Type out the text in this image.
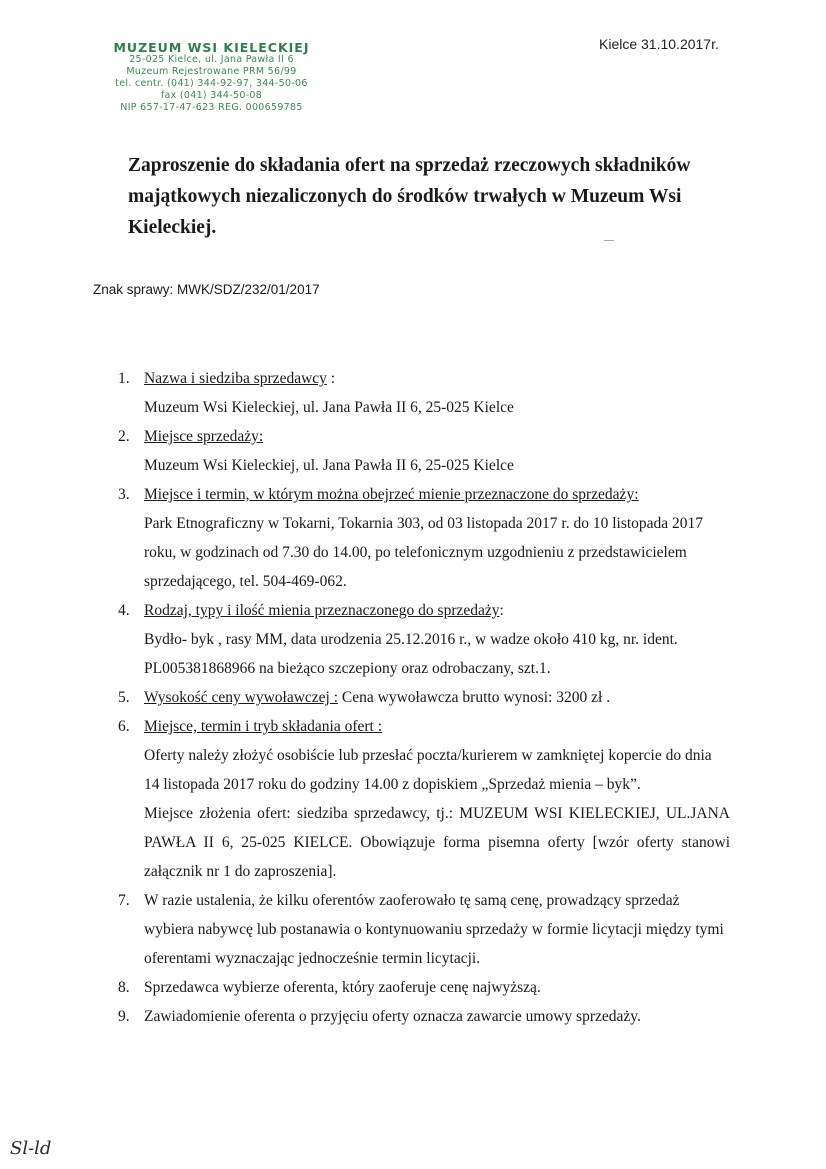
MUZEUM WSI KIELECKIEJ
25-025 Kielce, ul. Jana Pawła II 6
Muzeum Rejestrowane PRM 56/99
tel. centr. (041) 344-92-97, 344-50-06
fax (041) 344-50-08
NIP 657-17-47-623 REG. 000659785
Kielce 31.10.2017r.
Zaproszenie do składania ofert na sprzedaż rzeczowych składników majątkowych niezaliczonych do środków trwałych w Muzeum Wsi Kieleckiej.
Znak sprawy: MWK/SDZ/232/01/2017
1. Nazwa i siedziba sprzedawcy :
Muzeum Wsi Kieleckiej, ul. Jana Pawła II 6, 25-025 Kielce
2. Miejsce sprzedaży:
Muzeum Wsi Kieleckiej, ul. Jana Pawła II 6, 25-025 Kielce
3. Miejsce i termin, w którym można obejrzeć mienie przeznaczone do sprzedaży:
Park Etnograficzny w Tokarni, Tokarnia 303, od 03 listopada 2017 r. do 10 listopada 2017 roku, w godzinach od 7.30 do 14.00, po telefonicznym uzgodnieniu z przedstawicielem sprzedającego, tel. 504-469-062.
4. Rodzaj, typy i ilość mienia przeznaczonego do sprzedaży:
Bydło- byk , rasy MM, data urodzenia 25.12.2016 r., w wadze około 410 kg, nr. ident. PL005381868966 na bieżąco szczepiony oraz odrobaczany, szt.1.
5. Wysokość ceny wywoławczej : Cena wywoławcza brutto wynosi: 3200 zł .
6. Miejsce, termin i tryb składania ofert :
Oferty należy złożyć osobiście lub przesłać poczta/kurierem w zamkniętej kopercie do dnia 14 listopada 2017 roku do godziny 14.00 z dopiskiem „Sprzedaż mienia – byk”.
Miejsce złożenia ofert: siedziba sprzedawcy, tj.: MUZEUM WSI KIELECKIEJ, UL.JANA PAWŁA II 6, 25-025 KIELCE. Obowiązuje forma pisemna oferty [wzór oferty stanowi załącznik nr 1 do zaproszenia].
7. W razie ustalenia, że kilku oferentów zaoferowało tę samą cenę, prowadzący sprzedaż wybiera nabywcę lub postanawia o kontynuowaniu sprzedaży w formie licytacji między tymi oferentami wyznaczając jednocześnie termin licytacji.
8. Sprzedawca wybierze oferenta, który zaoferuje cenę najwyższą.
9. Zawiadomienie oferenta o przyjęciu oferty oznacza zawarcie umowy sprzedaży.
Sl-ld
